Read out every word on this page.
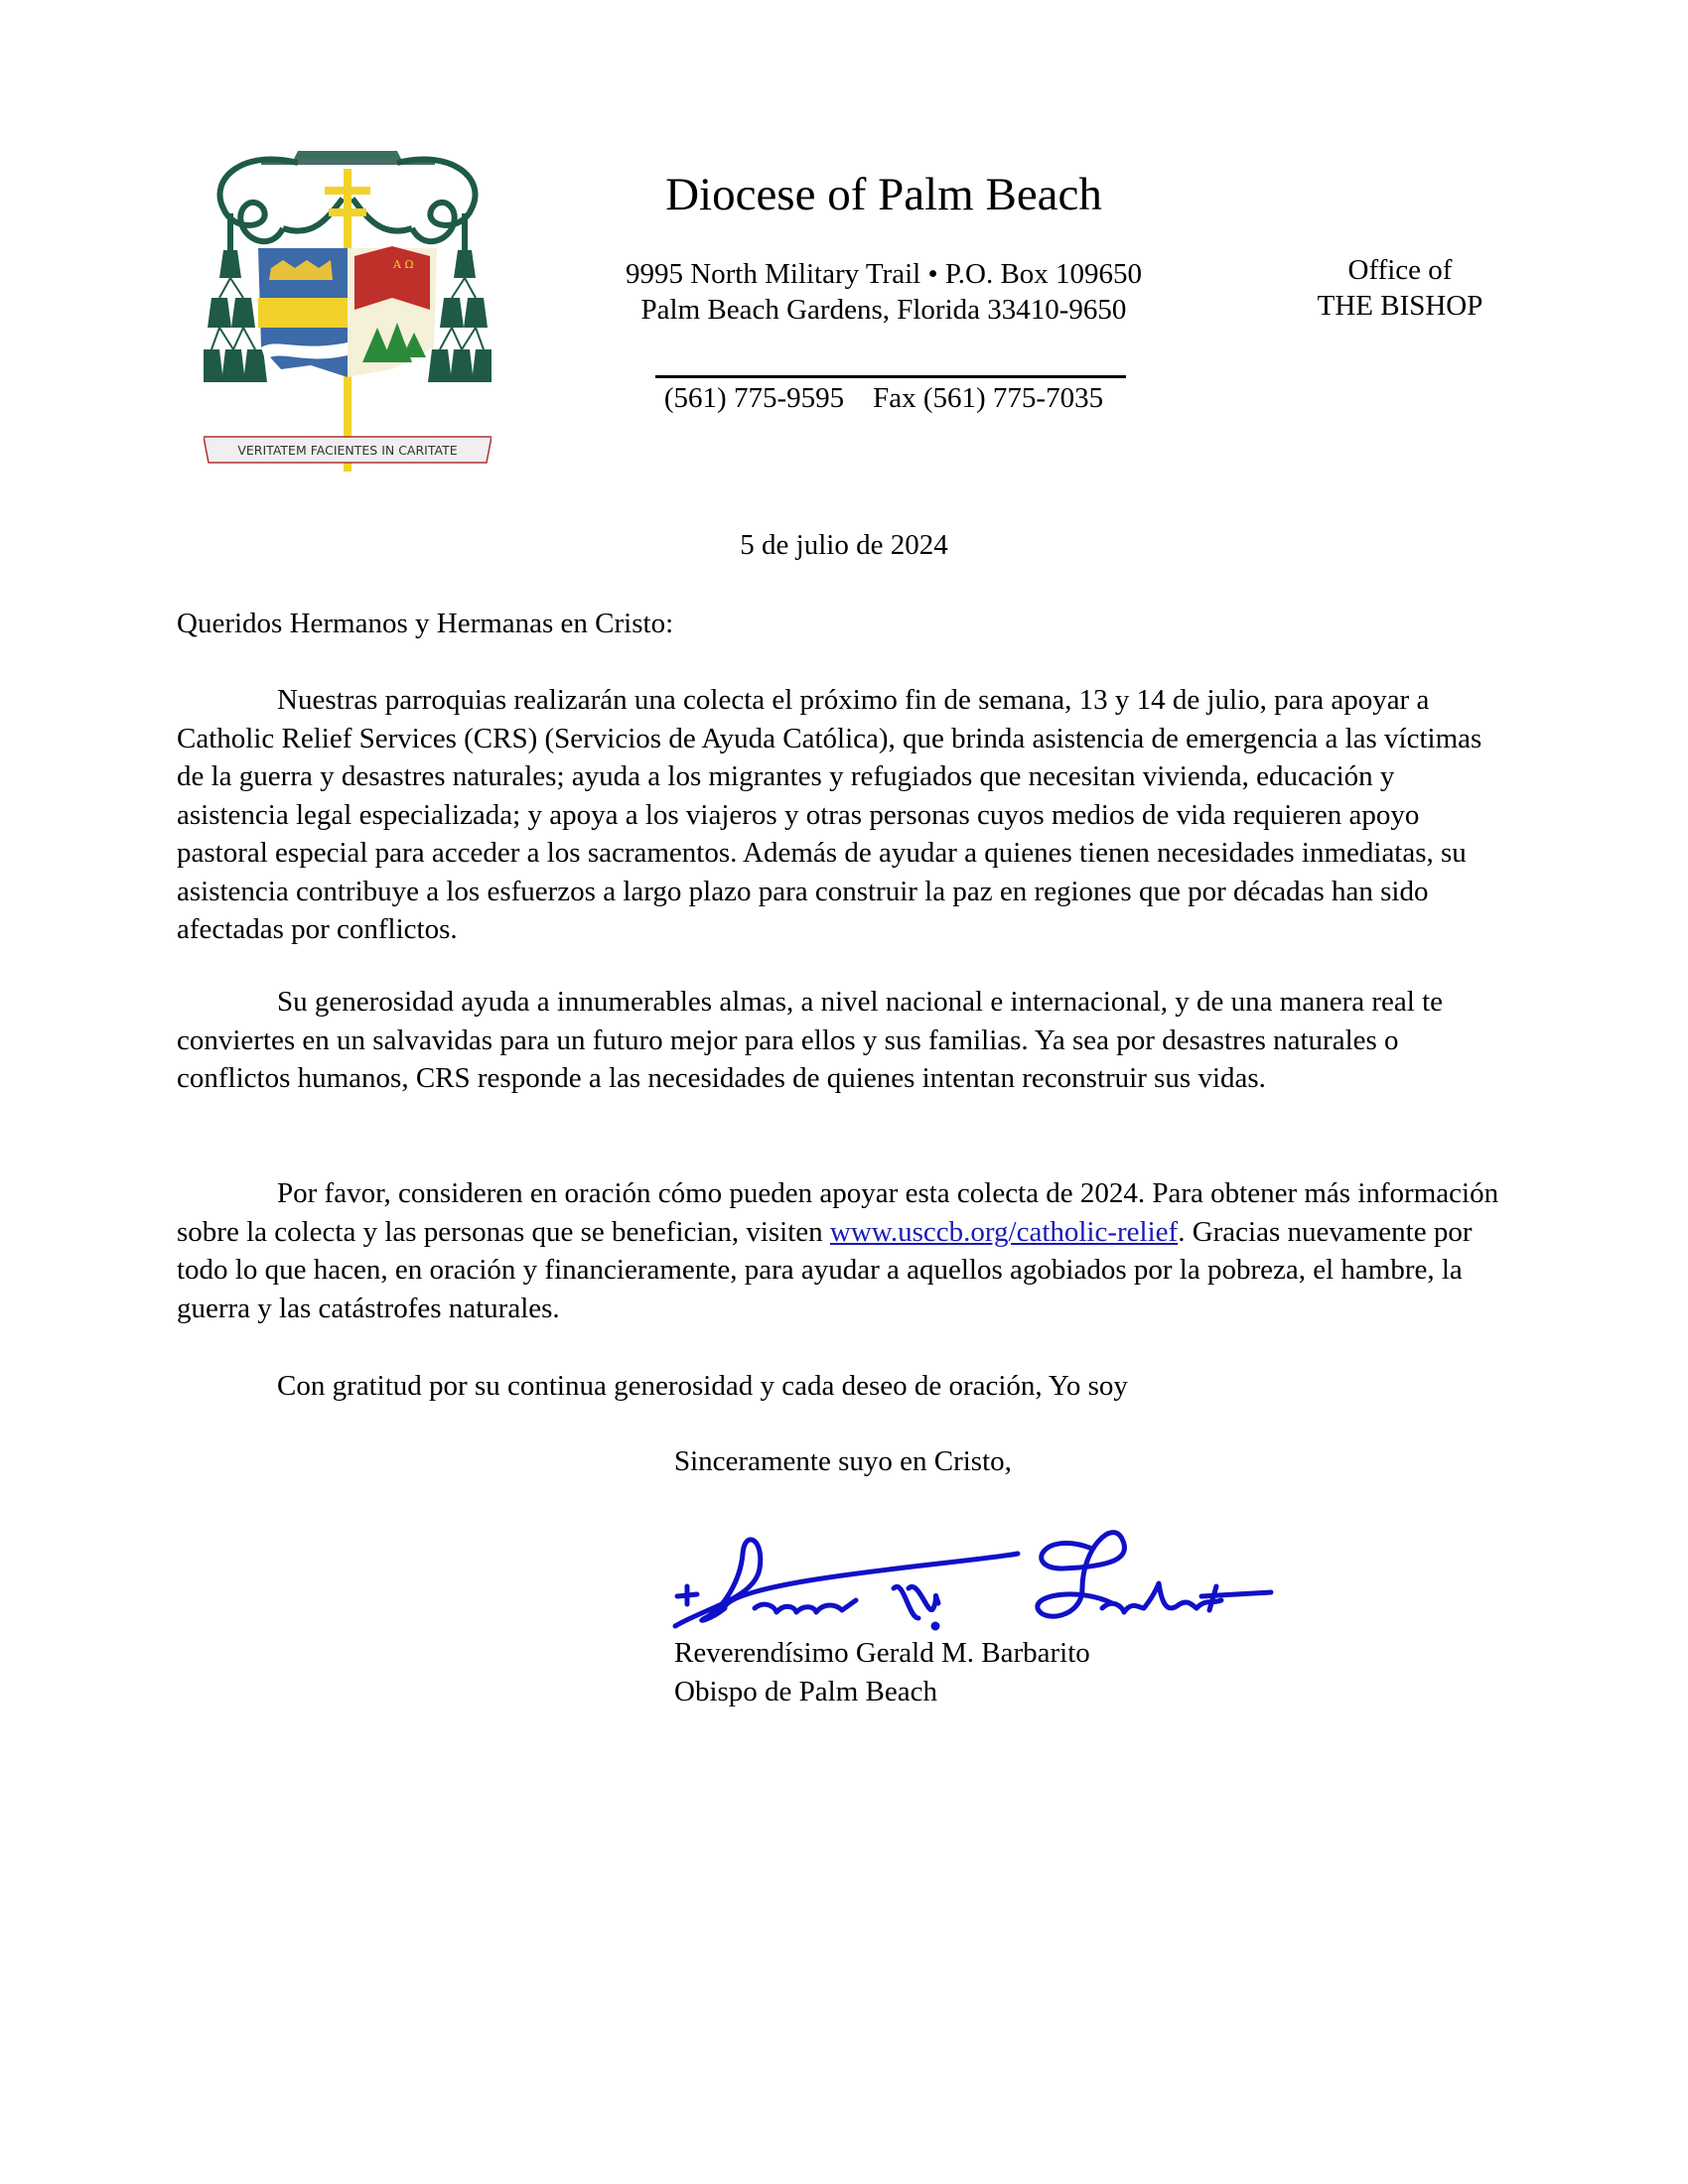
A Ω
VERITATEM FACIENTES IN CARITATE
Diocese of Palm Beach
9995 North Military Trail • P.O. Box 109650
Palm Beach Gardens, Florida 33410-9650
(561) 775-9595    Fax (561) 775-7035
Office of
THE BISHOP
5 de julio de 2024
Queridos Hermanos y Hermanas en Cristo:

Nuestras parroquias realizarán una colecta el próximo fin de semana, 13 y 14 de julio, para apoyar a Catholic Relief Services (CRS) (Servicios de Ayuda Católica), que brinda asistencia de emergencia a las víctimas de la guerra y desastres naturales; ayuda a los migrantes y refugiados que necesitan vivienda, educación y asistencia legal especializada; y apoya a los viajeros y otras personas cuyos medios de vida requieren apoyo pastoral especial para acceder a los sacramentos. Además de ayudar a quienes tienen necesidades inmediatas, su asistencia contribuye a los esfuerzos a largo plazo para construir la paz en regiones que por décadas han sido afectadas por conflictos.

Su generosidad ayuda a innumerables almas, a nivel nacional e internacional, y de una manera real te conviertes en un salvavidas para un futuro mejor para ellos y sus familias. Ya sea por desastres naturales o conflictos humanos, CRS responde a las necesidades de quienes intentan reconstruir sus vidas.

Por favor, consideren en oración cómo pueden apoyar esta colecta de 2024. Para obtener más información sobre la colecta y las personas que se benefician, visiten www.usccb.org/catholic-relief. Gracias nuevamente por todo lo que hacen, en oración y financieramente, para ayudar a aquellos agobiados por la pobreza, el hambre, la guerra y las catástrofes naturales.

Con gratitud por su continua generosidad y cada deseo de oración, Yo soy

Sinceramente suyo en Cristo,
Reverendísimo Gerald M. Barbarito
Obispo de Palm Beach
